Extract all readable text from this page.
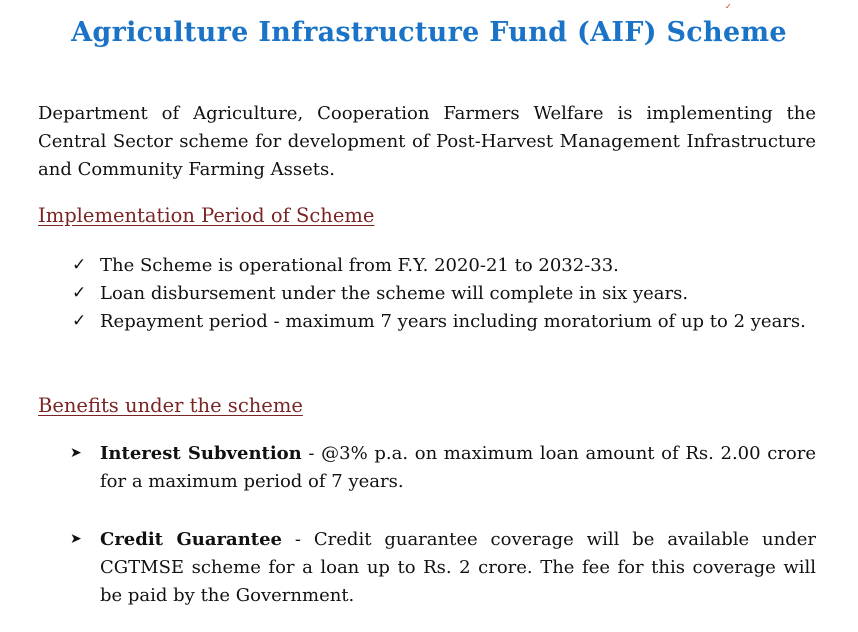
✓
Agriculture Infrastructure Fund (AIF) Scheme
Department of Agriculture, Cooperation Farmers Welfare is implementing the Central Sector scheme for development of Post-Harvest Management Infrastructure and Community Farming Assets.
Implementation Period of Scheme
✓ The Scheme is operational from F.Y. 2020-21 to 2032-33.
✓ Loan disbursement under the scheme will complete in six years.
✓ Repayment period - maximum 7 years including moratorium of up to 2 years.
Benefits under the scheme
➤ Interest Subvention - @3% p.a. on maximum loan amount of Rs. 2.00 crore for a maximum period of 7 years.
➤ Credit Guarantee - Credit guarantee coverage will be available under CGTMSE scheme for a loan up to Rs. 2 crore. The fee for this coverage will be paid by the Government.
